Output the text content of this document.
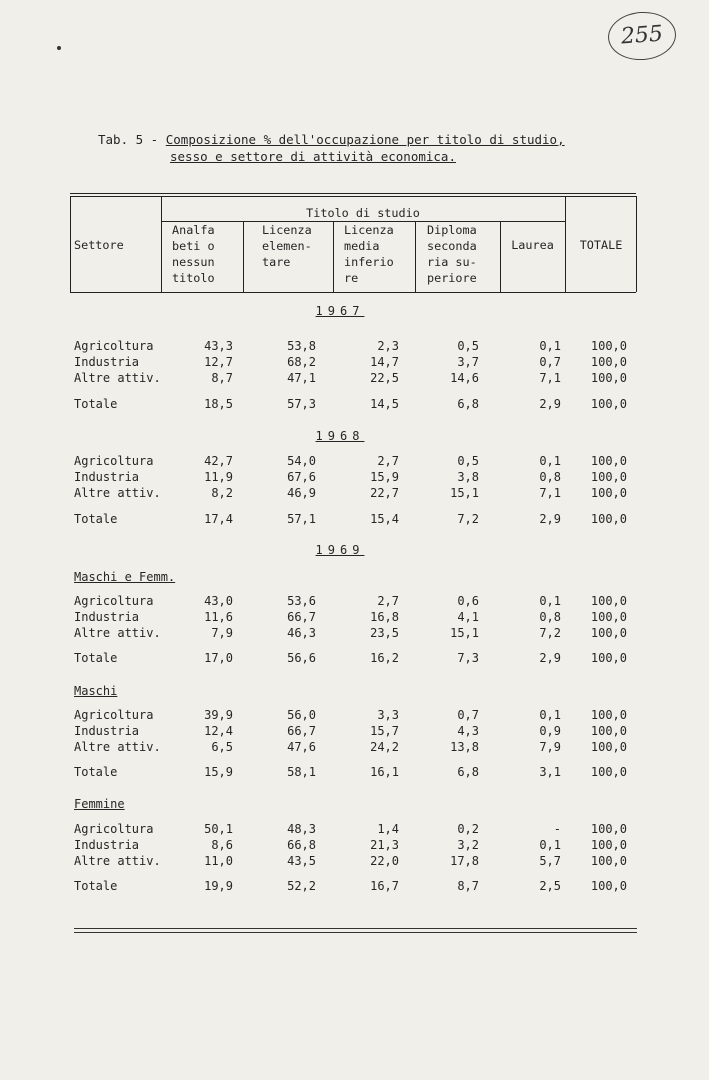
255
Tab. 5 - Composizione % dell'occupazione per titolo di studio,
sesso e settore di attività economica.
Settore
Titolo di studio
Analfa
beti o
nessun
titolo
Licenza
elemen-
tare
Licenza
media
inferio
re
Diploma
seconda
ria su-
periore
Laurea	TOTALE
1967
Agricoltura	43,3	53,8	2,3	0,5	0,1 100,0
Industria	12,7	68,2	14,7	3,7	0,7 100,0
Altre attiv.	8,7	47,1	22,5	14,6	7,1 100,0
Totale	18,5	57,3	14,5	6,8	2,9 100,0
1968
Agricoltura	42,7	54,0	2,7	0,5	0,1 100,0
Industria	11,9	67,6	15,9	3,8	0,8 100,0
Altre attiv.	8,2	46,9	22,7	15,1	7,1 100,0
Totale	17,4	57,1	15,4	7,2	2,9 100,0
1969
Maschi e Femm.
Agricoltura	43,0	53,6	2,7	0,6	0,1 100,0
Industria	11,6	66,7	16,8	4,1	0,8 100,0
Altre attiv.	7,9	46,3	23,5	15,1	7,2 100,0
Totale	17,0	56,6	16,2	7,3	2,9 100,0
Maschi
Agricoltura	39,9	56,0	3,3	0,7	0,1 100,0
Industria	12,4	66,7	15,7	4,3	0,9 100,0
Altre attiv.	6,5	47,6	24,2	13,8	7,9 100,0
Totale	15,9	58,1	16,1	6,8	3,1 100,0
Femmine
Agricoltura	50,1	48,3	1,4	0,2	- 100,0
Industria	8,6	66,8	21,3	3,2	0,1 100,0
Altre attiv.	11,0	43,5	22,0	17,8	5,7 100,0
Totale	19,9	52,2	16,7	8,7	2,5 100,0
